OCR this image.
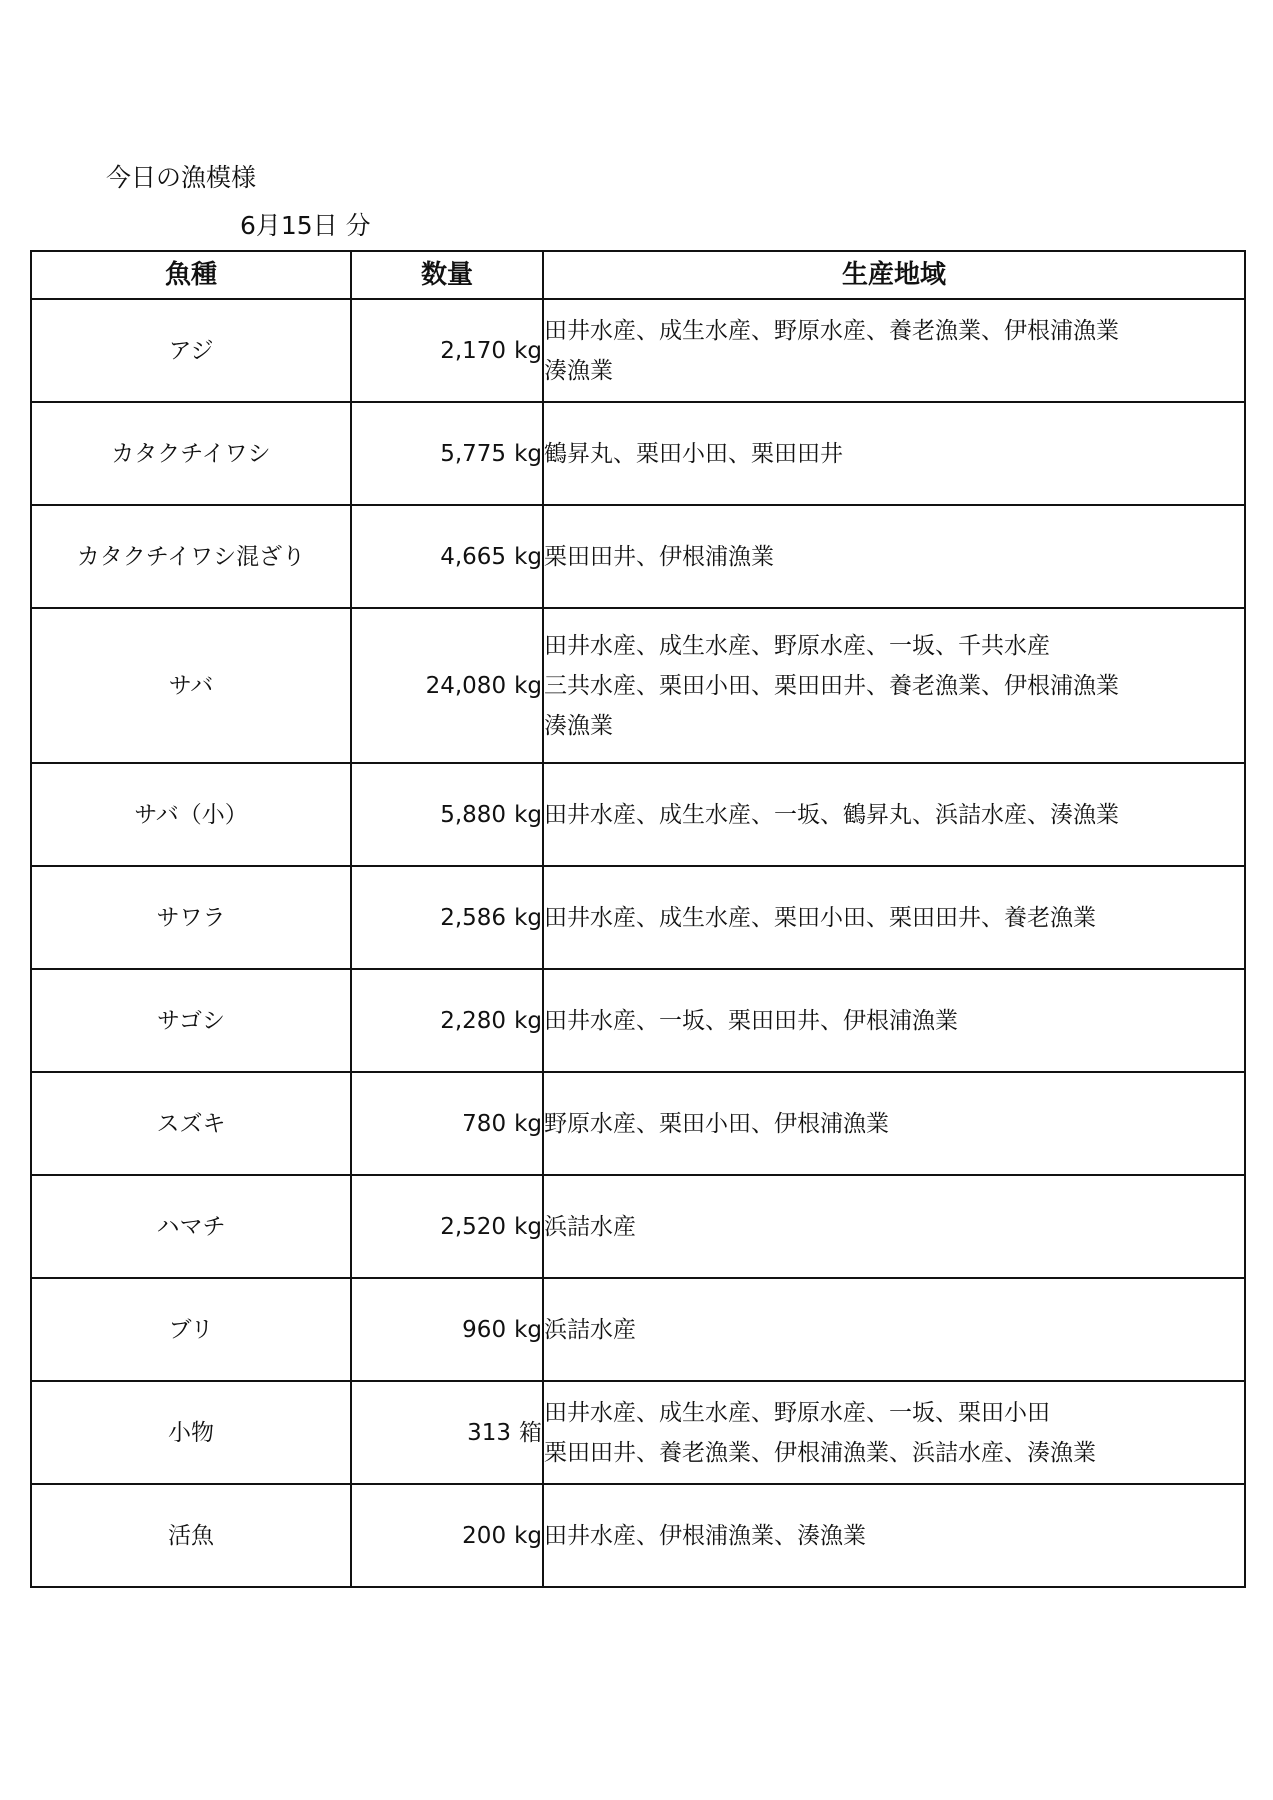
今日の漁模様
6月15日 分
魚種	数量	生産地域
アジ	2,170 kg	田井水産、成生水産、野原水産、養老漁業、伊根浦漁業
湊漁業

カタクチイワシ	5,775 kg	鶴昇丸、栗田小田、栗田田井

カタクチイワシ混ざり	4,665 kg	栗田田井、伊根浦漁業

サバ	24,080 kg	田井水産、成生水産、野原水産、一坂、千共水産
三共水産、栗田小田、栗田田井、養老漁業、伊根浦漁業
湊漁業

サバ（小）	5,880 kg	田井水産、成生水産、一坂、鶴昇丸、浜詰水産、湊漁業

サワラ	2,586 kg	田井水産、成生水産、栗田小田、栗田田井、養老漁業

サゴシ	2,280 kg	田井水産、一坂、栗田田井、伊根浦漁業

スズキ	780 kg	野原水産、栗田小田、伊根浦漁業

ハマチ	2,520 kg	浜詰水産

ブリ	960 kg	浜詰水産

小物	313 箱	田井水産、成生水産、野原水産、一坂、栗田小田
栗田田井、養老漁業、伊根浦漁業、浜詰水産、湊漁業

活魚	200 kg	田井水産、伊根浦漁業、湊漁業
